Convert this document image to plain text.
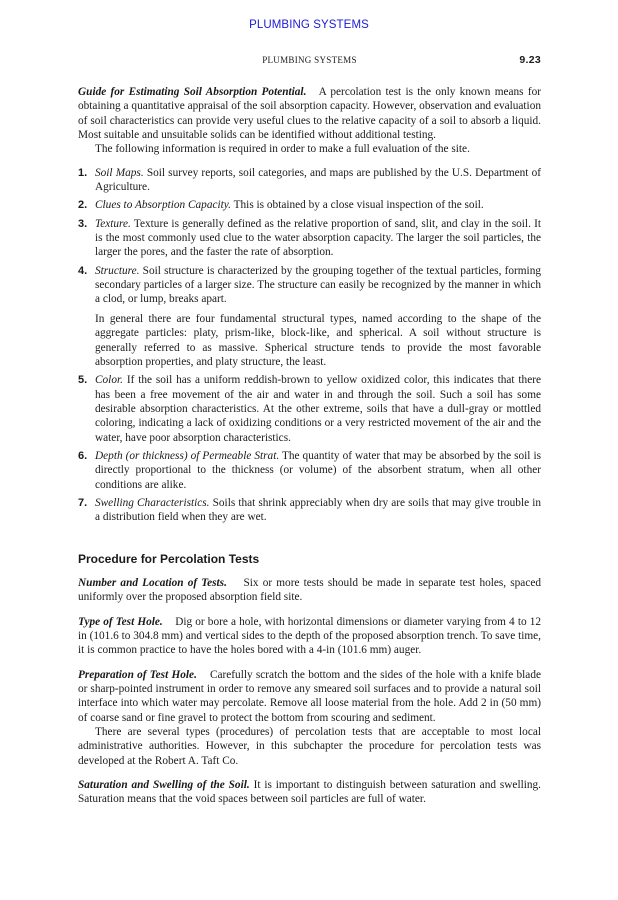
PLUMBING SYSTEMS
PLUMBING SYSTEMS	9.23

Guide for Estimating Soil Absorption Potential. A percolation test is the only known means for obtaining a quantitative appraisal of the soil absorption capacity. However, observation and evaluation of soil characteristics can provide very useful clues to the relative capacity of a soil to absorb a liquid. Most suitable and unsuitable solids can be identified without additional testing.

The following information is required in order to make a full evaluation of the site.

1. Soil Maps. Soil survey reports, soil categories, and maps are published by the U.S. Department of Agriculture.
2. Clues to Absorption Capacity. This is obtained by a close visual inspection of the soil.
3. Texture. Texture is generally defined as the relative proportion of sand, slit, and clay in the soil. It is the most commonly used clue to the water absorption capacity. The larger the soil particles, the larger the pores, and the faster the rate of absorption.
4. Structure. Soil structure is characterized by the grouping together of the textual particles, forming secondary particles of a larger size. The structure can easily be recognized by the manner in which a clod, or lump, breaks apart.
In general there are four fundamental structural types, named according to the shape of the aggregate particles: platy, prism-like, block-like, and spherical. A soil without structure is generally referred to as massive. Spherical structure tends to provide the most favorable absorption properties, and platy structure, the least.
5. Color. If the soil has a uniform reddish-brown to yellow oxidized color, this indicates that there has been a free movement of the air and water in and through the soil. Such a soil has some desirable absorption characteristics. At the other extreme, soils that have a dull-gray or mottled coloring, indicating a lack of oxidizing conditions or a very restricted movement of the air and the water, have poor absorption characteristics.
6. Depth (or thickness) of Permeable Strat. The quantity of water that may be absorbed by the soil is directly proportional to the thickness (or volume) of the absorbent stratum, when all other conditions are alike.
7. Swelling Characteristics. Soils that shrink appreciably when dry are soils that may give trouble in a distribution field when they are wet.
Procedure for Percolation Tests

Number and Location of Tests. Six or more tests should be made in separate test holes, spaced uniformly over the proposed absorption field site.

Type of Test Hole. Dig or bore a hole, with horizontal dimensions or diameter varying from 4 to 12 in (101.6 to 304.8 mm) and vertical sides to the depth of the proposed absorption trench. To save time, it is common practice to have the holes bored with a 4-in (101.6 mm) auger.

Preparation of Test Hole. Carefully scratch the bottom and the sides of the hole with a knife blade or sharp-pointed instrument in order to remove any smeared soil surfaces and to provide a natural soil interface into which water may percolate. Remove all loose material from the hole. Add 2 in (50 mm) of coarse sand or fine gravel to protect the bottom from scouring and sediment.

There are several types (procedures) of percolation tests that are acceptable to most local administrative authorities. However, in this subchapter the procedure for percolation tests was developed at the Robert A. Taft Co.

Saturation and Swelling of the Soil. It is important to distinguish between saturation and swelling. Saturation means that the void spaces between soil particles are full of water.
